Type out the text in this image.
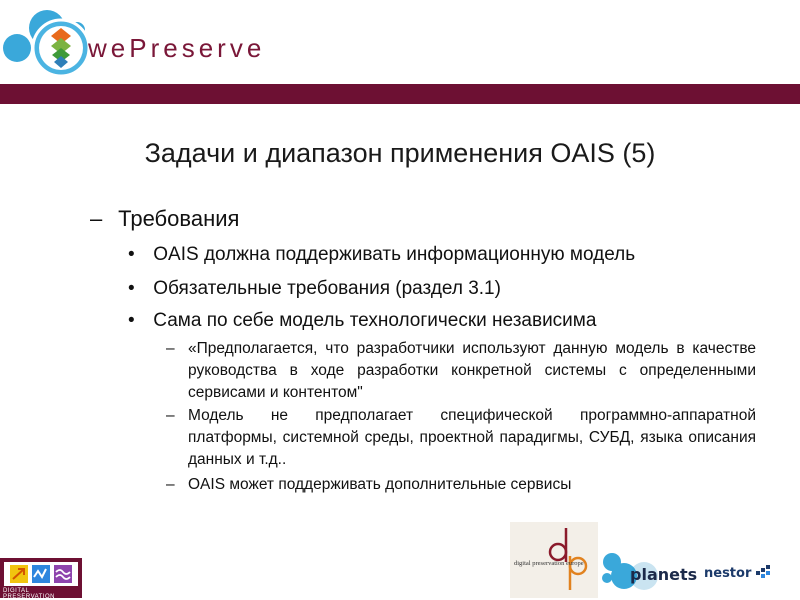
wePreserve
Задачи и диапазон применения OAIS (5)
– Требования
• OAIS должна поддерживать информационную модель
• Обязательные требования (раздел 3.1)
• Сама по себе модель технологически независима
– «Предполагается, что разработчики используют данную модель в качестве руководства в ходе разработки конкретной системы с определенными сервисами и контентом"
– Модель не предполагает специфической программно-аппаратной платформы, системной среды, проектной парадигмы, СУБД, языка описания данных и т.д..
– OAIS может поддерживать дополнительные сервисы
DIGITAL PRESERVATION
digital preservation europe
planets nestor
